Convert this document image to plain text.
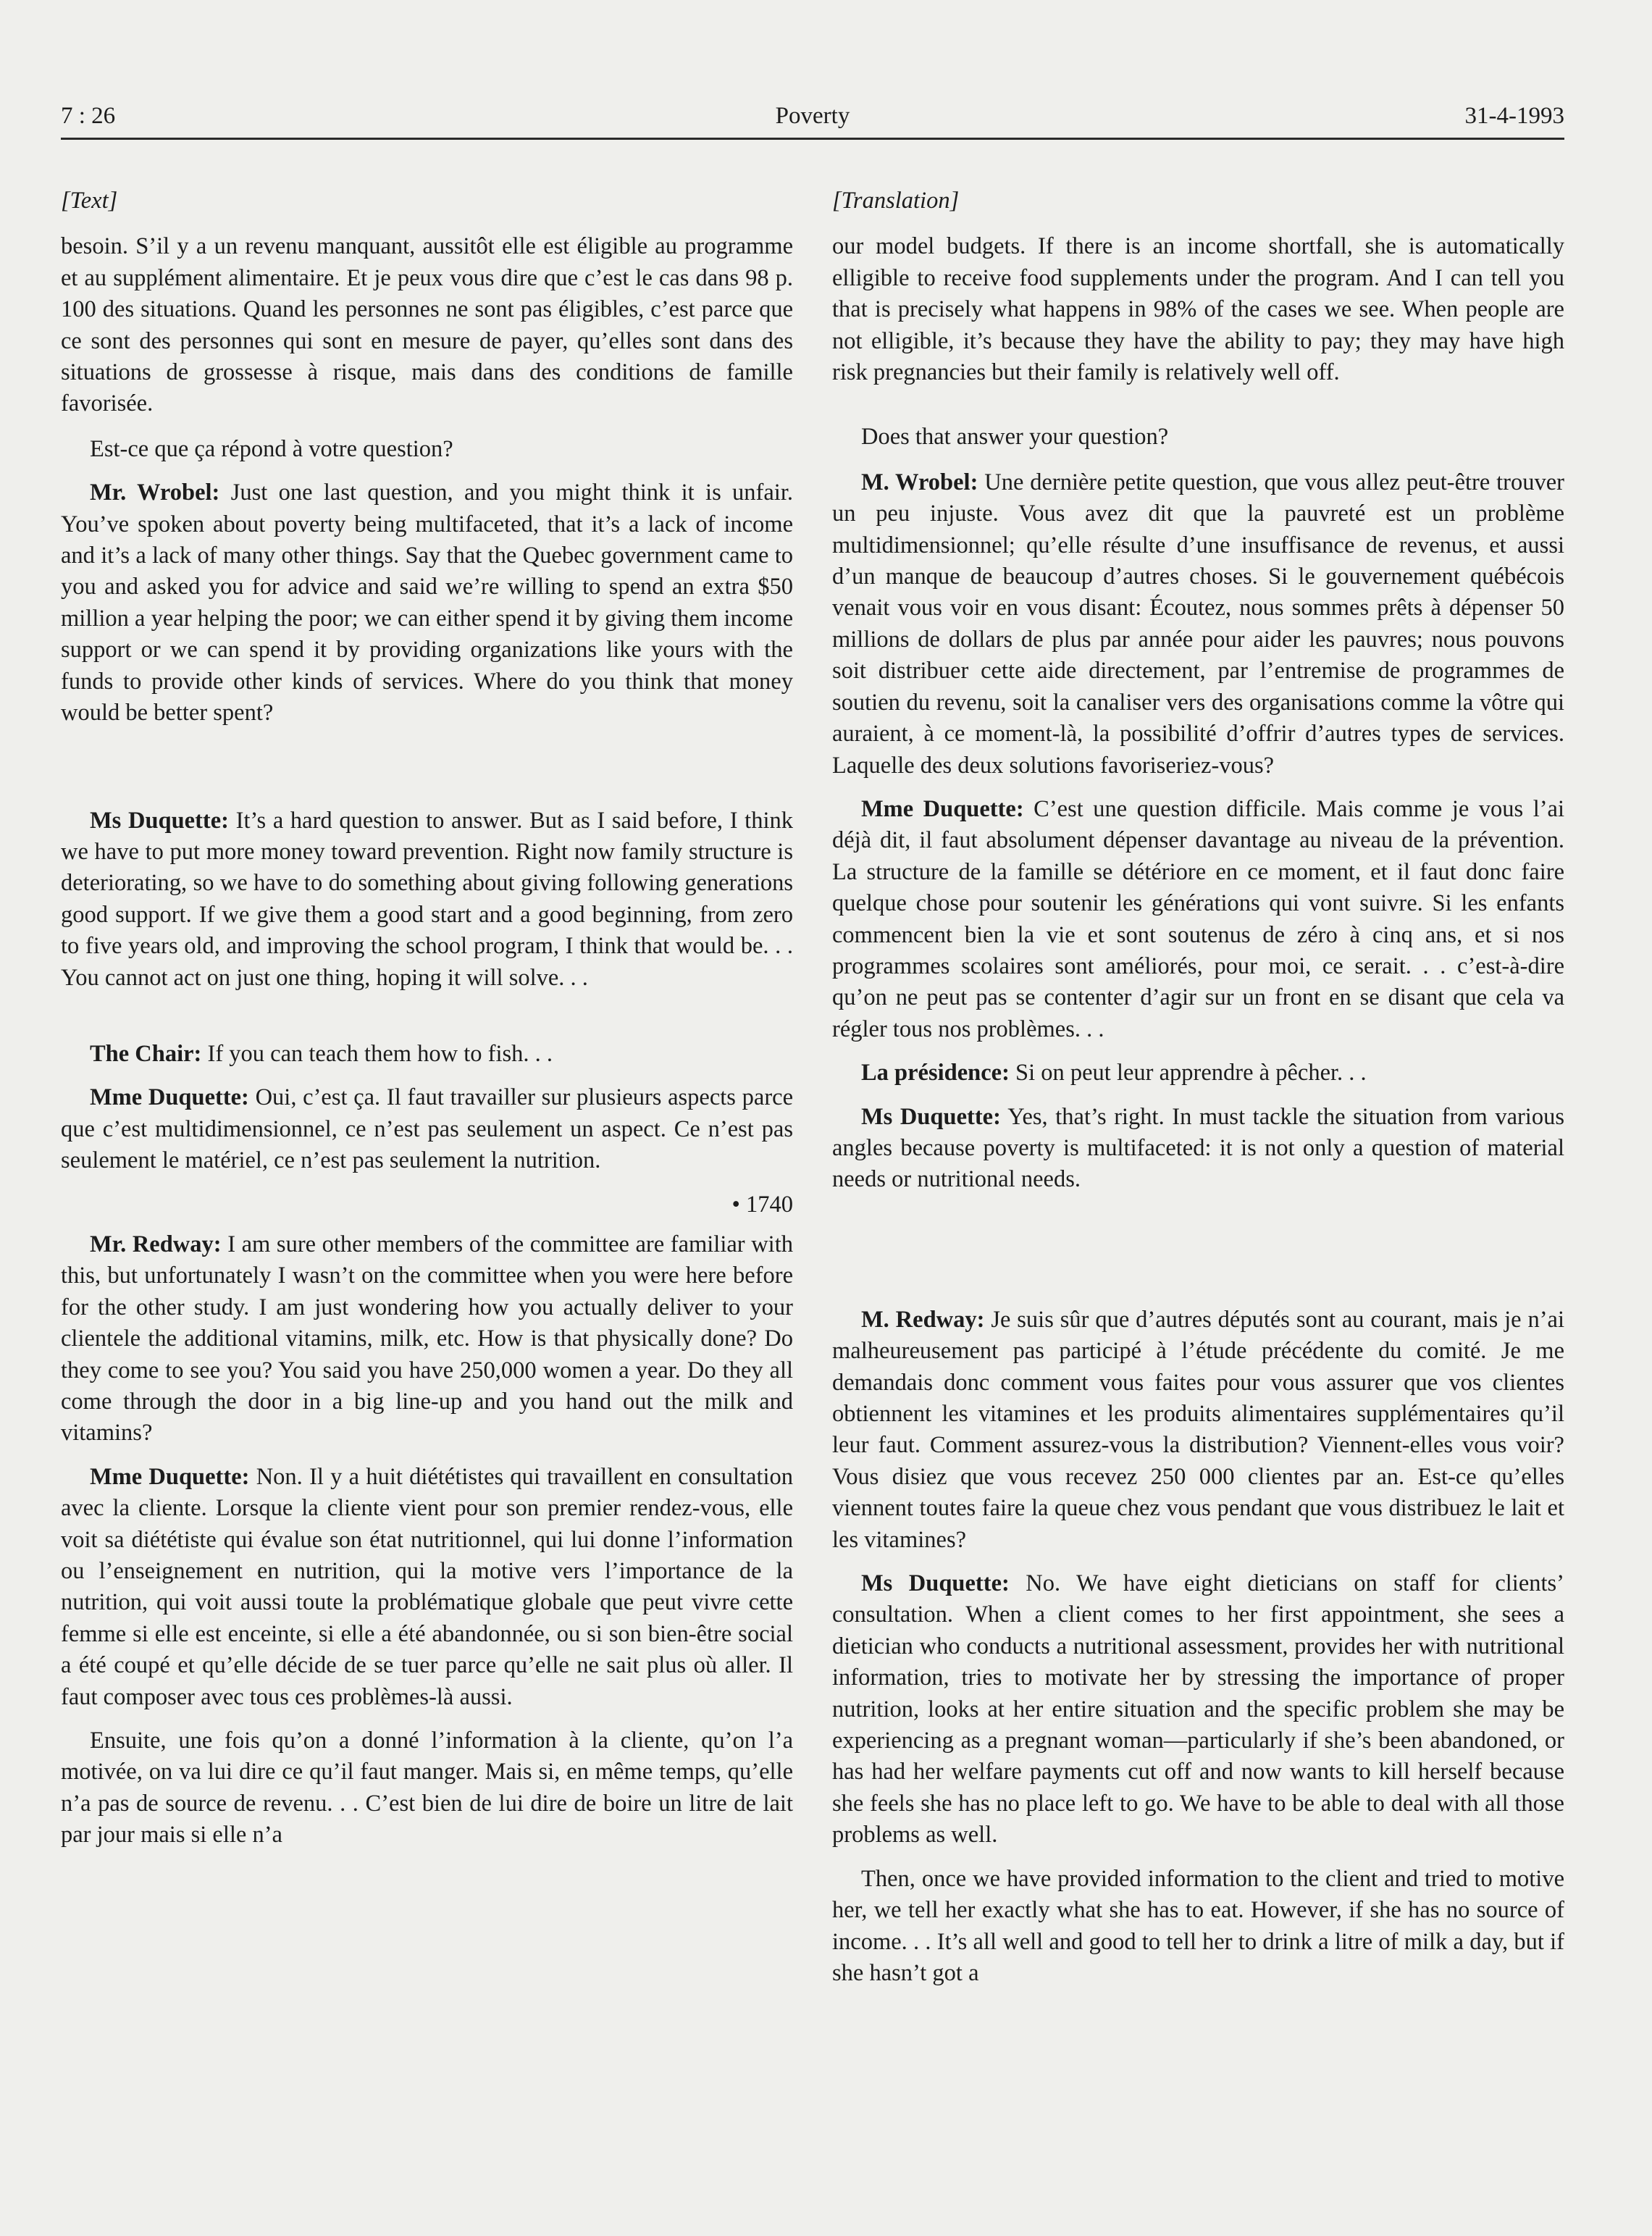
7 : 26	Poverty	31-4-1993
[Text]

besoin. S’il y a un revenu manquant, aussitôt elle est éligible au programme et au supplément alimentaire. Et je peux vous dire que c’est le cas dans 98 p. 100 des situations. Quand les personnes ne sont pas éligibles, c’est parce que ce sont des personnes qui sont en mesure de payer, qu’elles sont dans des situations de grossesse à risque, mais dans des conditions de famille favorisée.

Est-ce que ça répond à votre question?

Mr. Wrobel: Just one last question, and you might think it is unfair. You’ve spoken about poverty being multifaceted, that it’s a lack of income and it’s a lack of many other things. Say that the Quebec government came to you and asked you for advice and said we’re willing to spend an extra $50 million a year helping the poor; we can either spend it by giving them income support or we can spend it by providing organizations like yours with the funds to provide other kinds of services. Where do you think that money would be better spent?

Ms Duquette: It’s a hard question to answer. But as I said before, I think we have to put more money toward prevention. Right now family structure is deteriorating, so we have to do something about giving following generations good support. If we give them a good start and a good beginning, from zero to five years old, and improving the school program, I think that would be. . . You cannot act on just one thing, hoping it will solve. . .

The Chair: If you can teach them how to fish. . .

Mme Duquette: Oui, c’est ça. Il faut travailler sur plusieurs aspects parce que c’est multidimensionnel, ce n’est pas seulement un aspect. Ce n’est pas seulement le matériel, ce n’est pas seulement la nutrition.

• 1740

Mr. Redway: I am sure other members of the committee are familiar with this, but unfortunately I wasn’t on the committee when you were here before for the other study. I am just wondering how you actually deliver to your clientele the additional vitamins, milk, etc. How is that physically done? Do they come to see you? You said you have 250,000 women a year. Do they all come through the door in a big line-up and you hand out the milk and vitamins?

Mme Duquette: Non. Il y a huit diététistes qui travaillent en consultation avec la cliente. Lorsque la cliente vient pour son premier rendez-vous, elle voit sa diététiste qui évalue son état nutritionnel, qui lui donne l’information ou l’enseignement en nutrition, qui la motive vers l’importance de la nutrition, qui voit aussi toute la problématique globale que peut vivre cette femme si elle est enceinte, si elle a été abandonnée, ou si son bien-être social a été coupé et qu’elle décide de se tuer parce qu’elle ne sait plus où aller. Il faut composer avec tous ces problèmes-là aussi.

Ensuite, une fois qu’on a donné l’information à la cliente, qu’on l’a motivée, on va lui dire ce qu’il faut manger. Mais si, en même temps, qu’elle n’a pas de source de revenu. . . C’est bien de lui dire de boire un litre de lait par jour mais si elle n’a

[Translation]

our model budgets. If there is an income shortfall, she is automatically elligible to receive food supplements under the program. And I can tell you that is precisely what happens in 98% of the cases we see. When people are not elligible, it’s because they have the ability to pay; they may have high risk pregnancies but their family is relatively well off.

Does that answer your question?

M. Wrobel: Une dernière petite question, que vous allez peut-être trouver un peu injuste. Vous avez dit que la pauvreté est un problème multidimensionnel; qu’elle résulte d’une insuffisance de revenus, et aussi d’un manque de beaucoup d’autres choses. Si le gouvernement québécois venait vous voir en vous disant: Écoutez, nous sommes prêts à dépenser 50 millions de dollars de plus par année pour aider les pauvres; nous pouvons soit distribuer cette aide directement, par l’entremise de programmes de soutien du revenu, soit la canaliser vers des organisations comme la vôtre qui auraient, à ce moment-là, la possibilité d’offrir d’autres types de services. Laquelle des deux solutions favoriseriez-vous?

Mme Duquette: C’est une question difficile. Mais comme je vous l’ai déjà dit, il faut absolument dépenser davantage au niveau de la prévention. La structure de la famille se détériore en ce moment, et il faut donc faire quelque chose pour soutenir les générations qui vont suivre. Si les enfants commencent bien la vie et sont soutenus de zéro à cinq ans, et si nos programmes scolaires sont améliorés, pour moi, ce serait. . . c’est-à-dire qu’on ne peut pas se contenter d’agir sur un front en se disant que cela va régler tous nos problèmes. . .

La présidence: Si on peut leur apprendre à pêcher. . .

Ms Duquette: Yes, that’s right. In must tackle the situation from various angles because poverty is multifaceted: it is not only a question of material needs or nutritional needs.

M. Redway: Je suis sûr que d’autres députés sont au courant, mais je n’ai malheureusement pas participé à l’étude précédente du comité. Je me demandais donc comment vous faites pour vous assurer que vos clientes obtiennent les vitamines et les produits alimentaires supplémentaires qu’il leur faut. Comment assurez-vous la distribution? Viennent-elles vous voir? Vous disiez que vous recevez 250 000 clientes par an. Est-ce qu’elles viennent toutes faire la queue chez vous pendant que vous distribuez le lait et les vitamines?

Ms Duquette: No. We have eight dieticians on staff for clients’ consultation. When a client comes to her first appointment, she sees a dietician who conducts a nutritional assessment, provides her with nutritional information, tries to motivate her by stressing the importance of proper nutrition, looks at her entire situation and the specific problem she may be experiencing as a pregnant woman—particularly if she’s been abandoned, or has had her welfare payments cut off and now wants to kill herself because she feels she has no place left to go. We have to be able to deal with all those problems as well.

Then, once we have provided information to the client and tried to motive her, we tell her exactly what she has to eat. However, if she has no source of income. . . It’s all well and good to tell her to drink a litre of milk a day, but if she hasn’t got a
